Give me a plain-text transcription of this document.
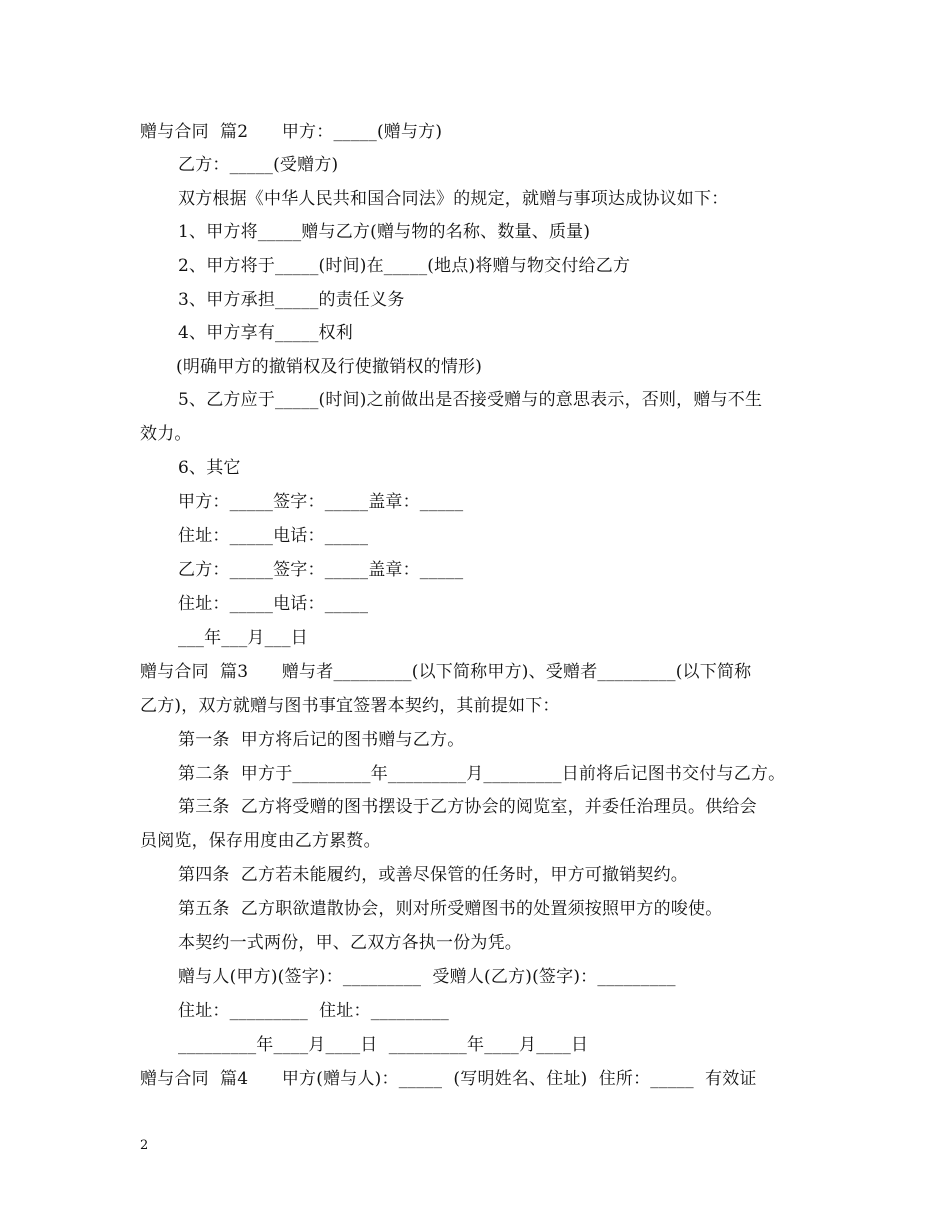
赠与合同  篇2      甲方：_____(赠与方)
乙方：_____(受赠方)
双方根据《中华人民共和国合同法》的规定，就赠与事项达成协议如下：
1、甲方将_____赠与乙方(赠与物的名称、数量、质量)
2、甲方将于_____(时间)在_____(地点)将赠与物交付给乙方
3、甲方承担_____的责任义务
4、甲方享有_____权利
(明确甲方的撤销权及行使撤销权的情形)
5、乙方应于_____(时间)之前做出是否接受赠与的意思表示，否则，赠与不生
效力。
6、其它
甲方：_____签字：_____盖章：_____
住址：_____电话：_____
乙方：_____签字：_____盖章：_____
住址：_____电话：_____
___年___月___日
赠与合同  篇3      赠与者_________(以下简称甲方)、受赠者_________(以下简称
乙方)，双方就赠与图书事宜签署本契约，其前提如下：
第一条  甲方将后记的图书赠与乙方。
第二条  甲方于_________年_________月_________日前将后记图书交付与乙方。
第三条  乙方将受赠的图书摆设于乙方协会的阅览室，并委任治理员。供给会
员阅览，保存用度由乙方累赘。
第四条  乙方若未能履约，或善尽保管的任务时，甲方可撤销契约。
第五条  乙方职欲遣散协会，则对所受赠图书的处置须按照甲方的唆使。
本契约一式两份，甲、乙双方各执一份为凭。
赠与人(甲方)(签字)：_________  受赠人(乙方)(签字)：_________
住址：_________  住址：_________
_________年____月____日  _________年____月____日
赠与合同  篇4      甲方(赠与人)：_____  (写明姓名、住址)  住所：_____  有效证
2
